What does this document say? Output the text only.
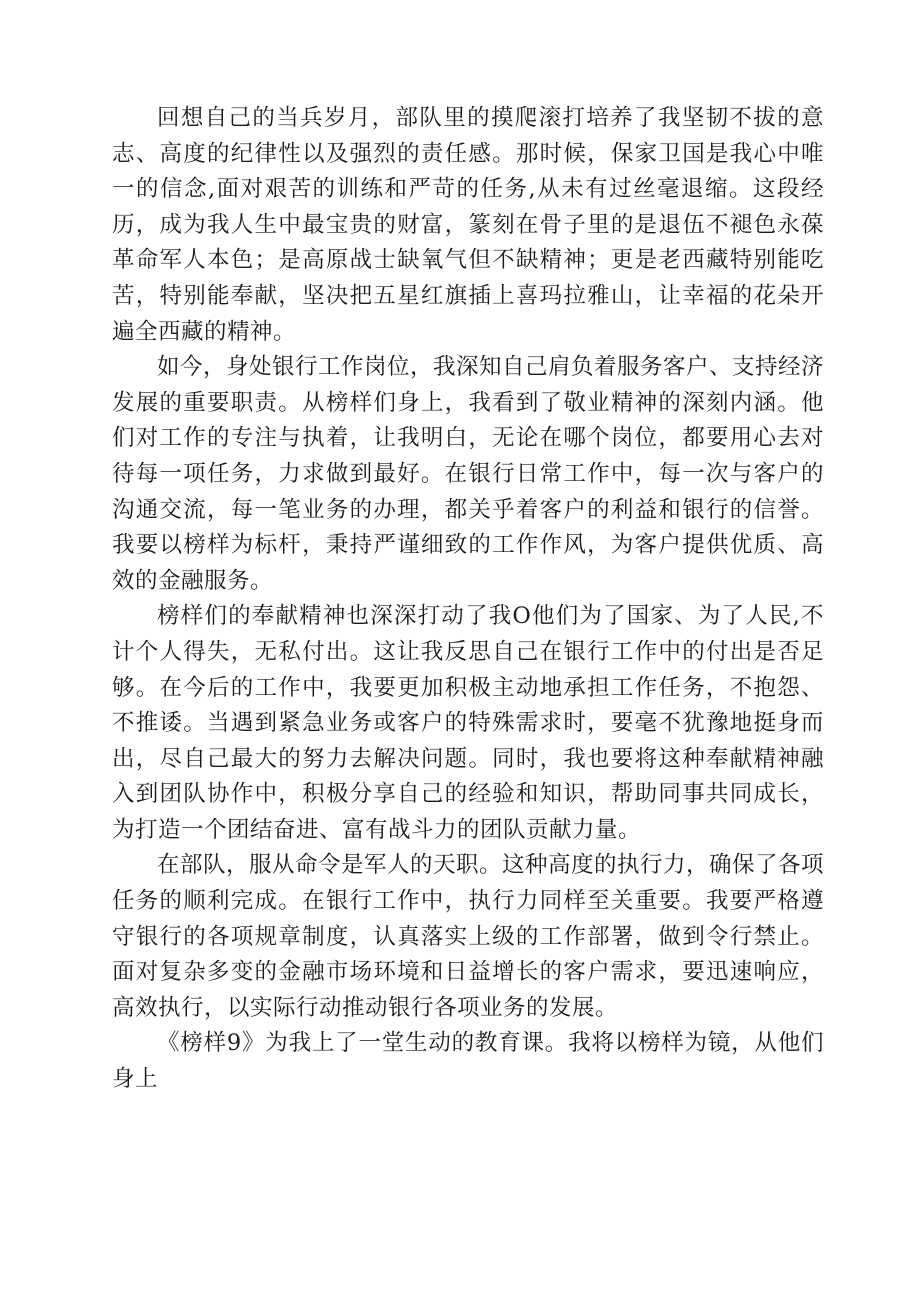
回想自己的当兵岁月，部队里的摸爬滚打培养了我坚韧不拔的意志、高度的纪律性以及强烈的责任感。那时候，保家卫国是我心中唯一的信念,面对艰苦的训练和严苛的任务,从未有过丝毫退缩。这段经历，成为我人生中最宝贵的财富，篆刻在骨子里的是退伍不褪色永葆革命军人本色；是高原战士缺氧气但不缺精神；更是老西藏特别能吃苦，特别能奉献，坚决把五星红旗插上喜玛拉雅山，让幸福的花朵开遍全西藏的精神。

如今，身处银行工作岗位，我深知自己肩负着服务客户、支持经济发展的重要职责。从榜样们身上，我看到了敬业精神的深刻内涵。他们对工作的专注与执着，让我明白，无论在哪个岗位，都要用心去对待每一项任务，力求做到最好。在银行日常工作中，每一次与客户的沟通交流，每一笔业务的办理，都关乎着客户的利益和银行的信誉。我要以榜样为标杆，秉持严谨细致的工作作风，为客户提供优质、高效的金融服务。

榜样们的奉献精神也深深打动了我O他们为了国家、为了人民,不计个人得失，无私付出。这让我反思自己在银行工作中的付出是否足够。在今后的工作中，我要更加积极主动地承担工作任务，不抱怨、不推诿。当遇到紧急业务或客户的特殊需求时，要毫不犹豫地挺身而出，尽自己最大的努力去解决问题。同时，我也要将这种奉献精神融入到团队协作中，积极分享自己的经验和知识，帮助同事共同成长，为打造一个团结奋进、富有战斗力的团队贡献力量。

在部队，服从命令是军人的天职。这种高度的执行力，确保了各项任务的顺利完成。在银行工作中，执行力同样至关重要。我要严格遵守银行的各项规章制度，认真落实上级的工作部署，做到令行禁止。面对复杂多变的金融市场环境和日益增长的客户需求，要迅速响应，高效执行，以实际行动推动银行各项业务的发展。

《榜样9》为我上了一堂生动的教育课。我将以榜样为镜，从他们身上
